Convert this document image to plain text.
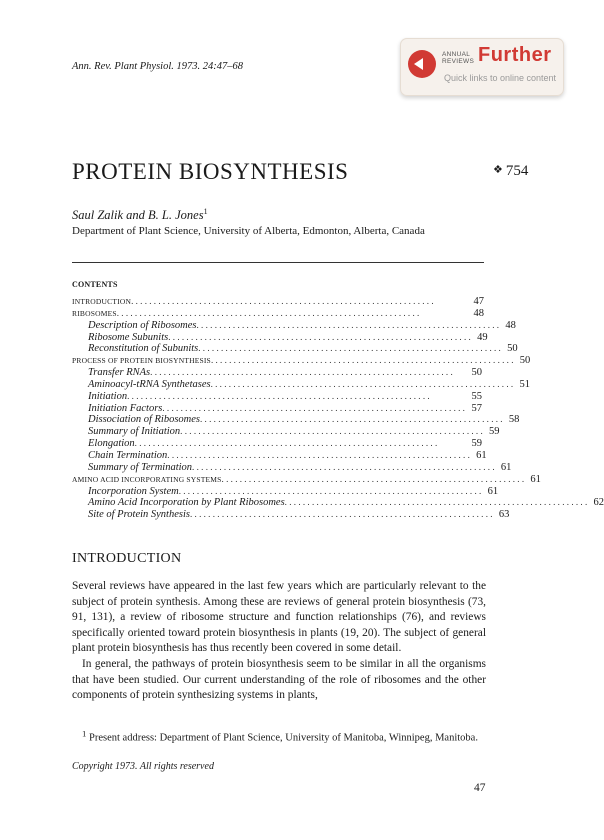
Ann. Rev. Plant Physiol. 1973. 24:47–68
ANNUAL
REVIEWS Further
Quick links to online content
PROTEIN BIOSYNTHESIS	❖ 754
Saul Zalik and B. L. Jones$^1$
Department of Plant Science, University of Alberta, Edmonton, Alberta, Canada
CONTENTS
INTRODUCTION ...................................................................	47
RIBOSOMES ...................................................................	48
Description of Ribosomes ................................................................... 48
Ribosome Subunits ................................................................... 49
Reconstitution of Subunits ................................................................... 50
PROCESS OF PROTEIN BIOSYNTHESIS ................................................................... 50
Transfer RNAs ...................................................................	50
Aminoacyl-tRNA Synthetases ................................................................... 51
Initiation ...................................................................	55
Initiation Factors ................................................................... 57
Dissociation of Ribosomes ................................................................... 58
Summary of Initiation ................................................................... 59
Elongation ...................................................................	59
Chain Termination ................................................................... 61
Summary of Termination ................................................................... 61
AMINO ACID INCORPORATING SYSTEMS ................................................................... 61
Incorporation System ................................................................... 61
Amino Acid Incorporation by Plant Ribosomes ................................................................... 62
Site of Protein Synthesis ................................................................... 63
INTRODUCTION

Several reviews have appeared in the last few years which are particularly relevant to the subject of protein synthesis. Among these are reviews of general protein biosynthesis (73, 91, 131), a review of ribosome structure and function relationships (76), and reviews specifically oriented toward protein biosynthesis in plants (19, 20). The subject of general plant protein biosynthesis has thus recently been covered in some detail.

In general, the pathways of protein biosynthesis seem to be similar in all the organisms that have been studied. Our current understanding of the role of ribosomes and the other components of protein synthesizing systems in plants,

$^1$ Present address: Department of Plant Science, University of Manitoba, Winnipeg, Manitoba.
Copyright 1973. All rights reserved
47
